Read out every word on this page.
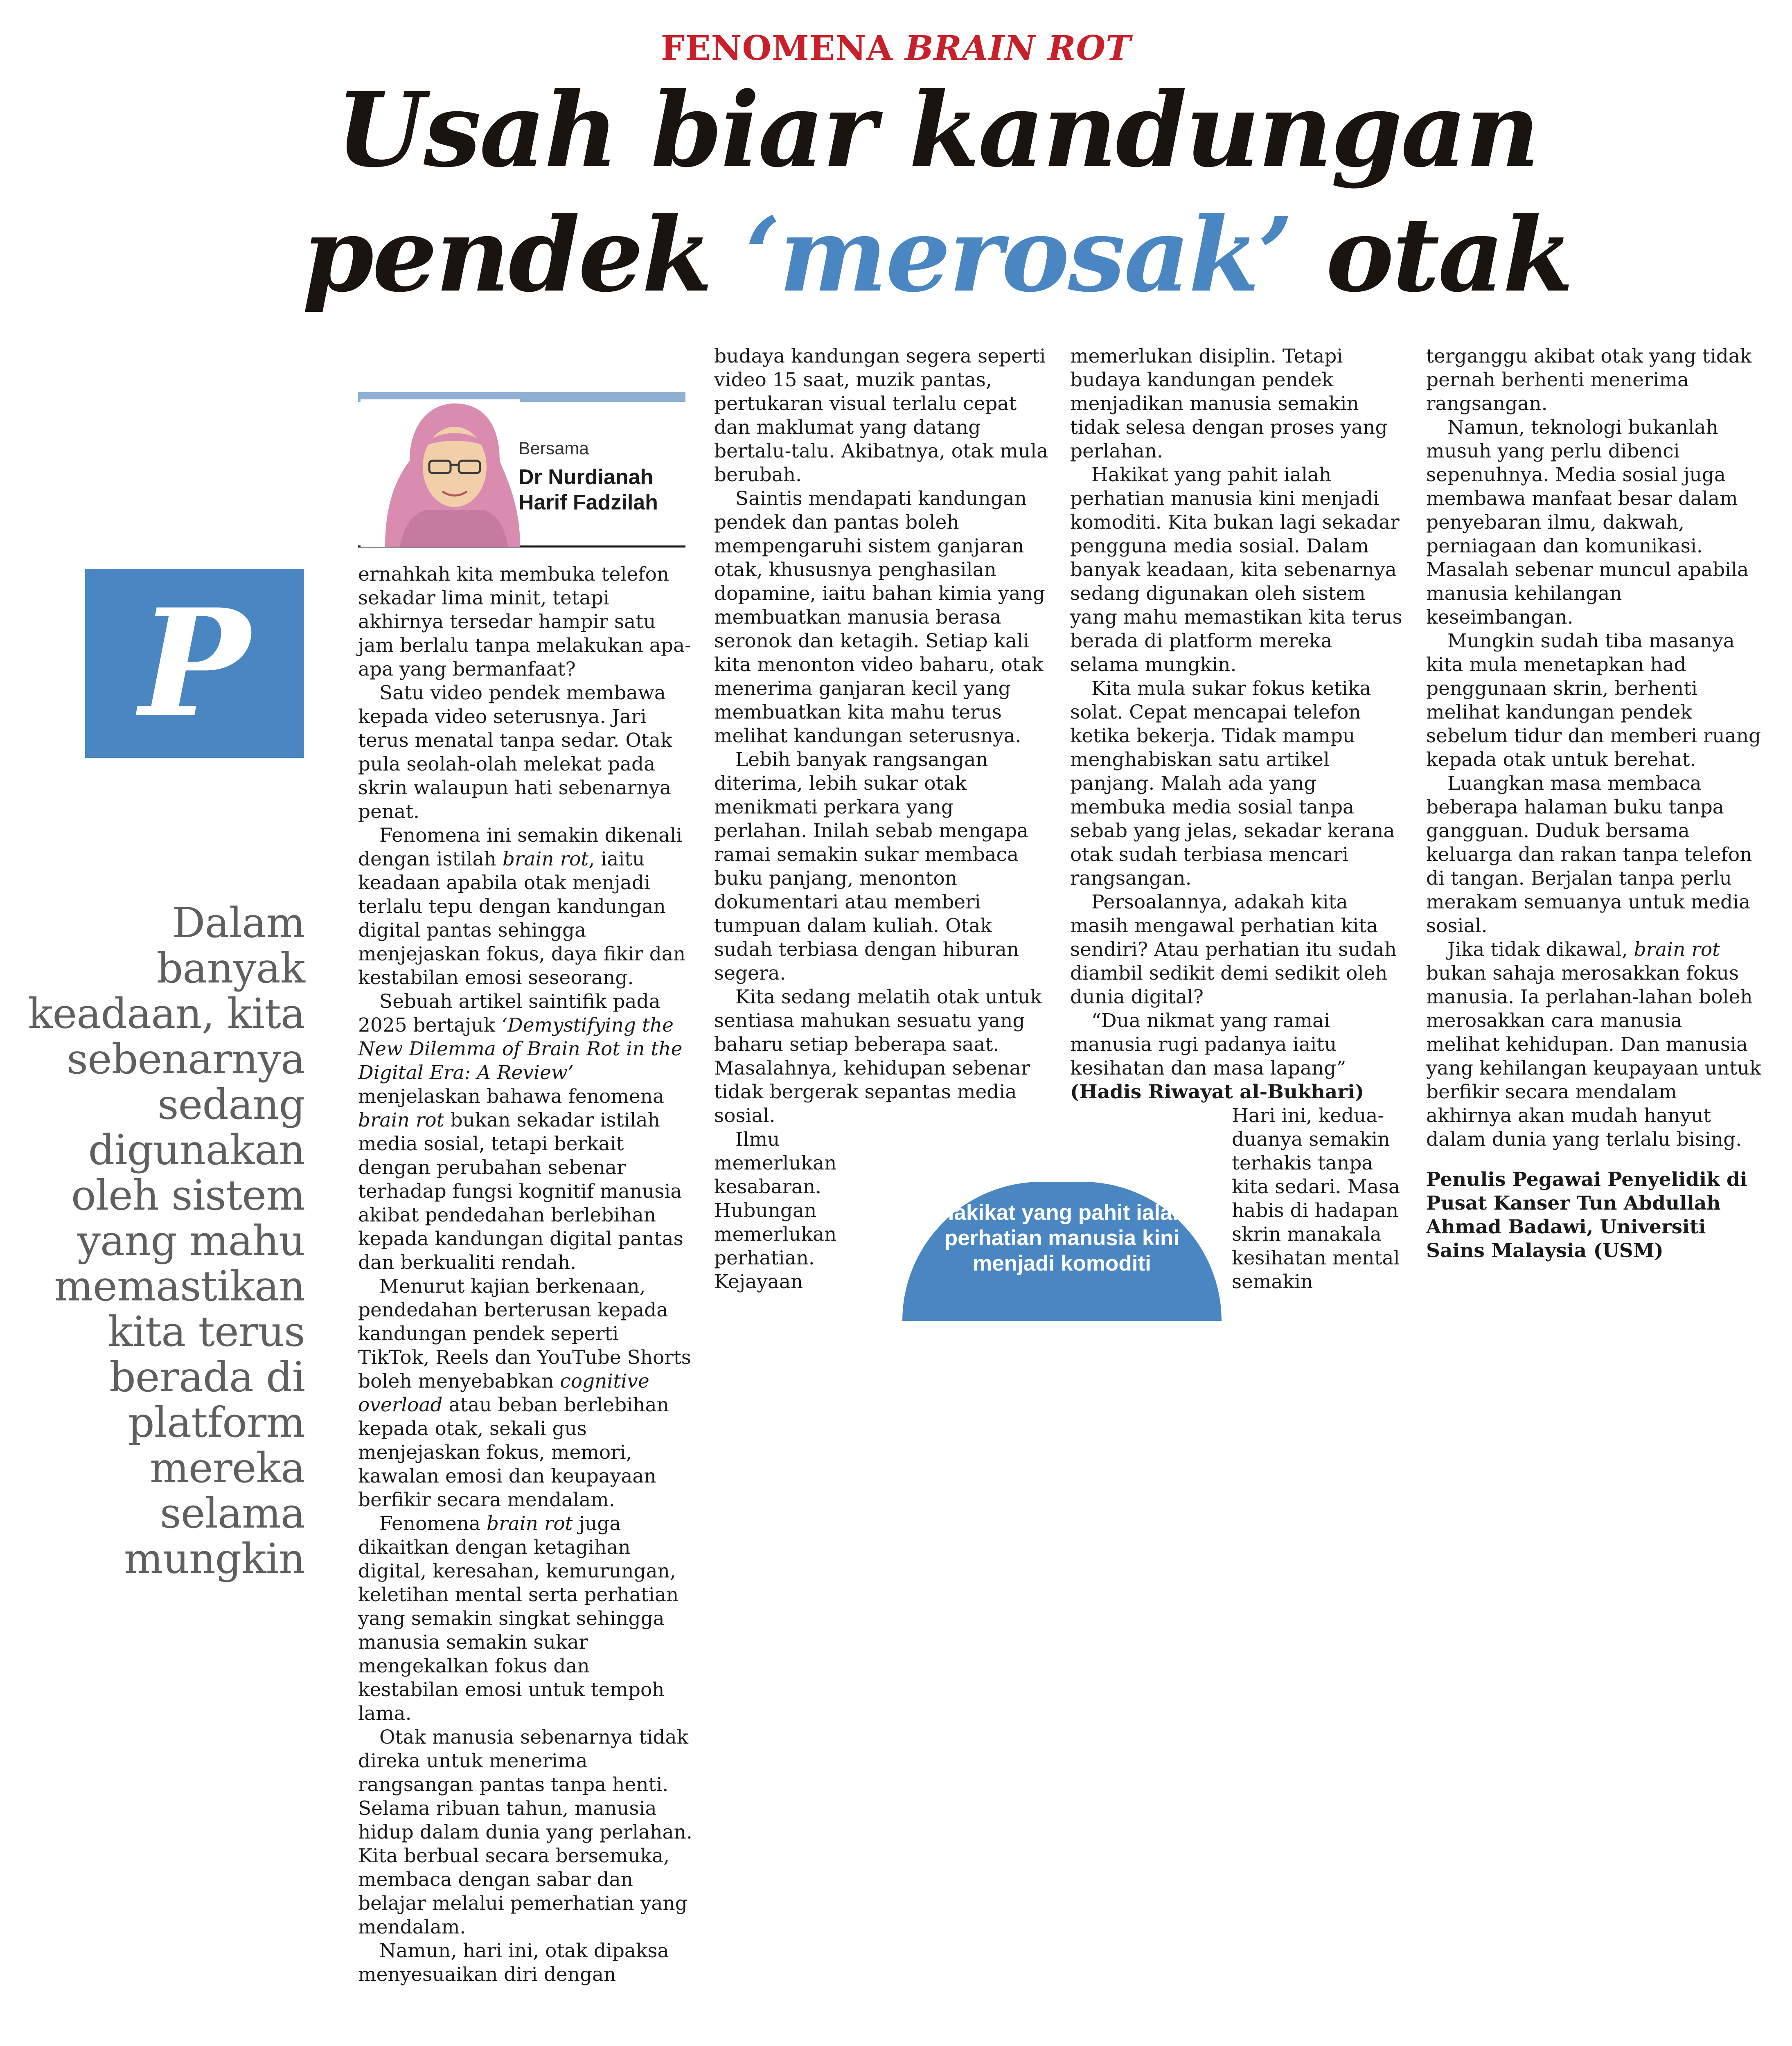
FENOMENA BRAIN ROT

Usah biar kandungan
pendek ‘merosak’ otak

Bersama

Dr Nurdianah
Harif Fadzilah

P

Dalam banyak keadaan, kita sebenarnya sedang digunakan oleh sistem yang mahu memastikan kita terus berada di platform mereka selama mungkin

ernahkah kita membuka telefon sekadar lima minit, tetapi akhirnya tersedar hampir satu jam berlalu tanpa melakukan apa-apa yang bermanfaat?

Satu video pendek membawa kepada video seterusnya. Jari terus menatal tanpa sedar. Otak pula seolah-olah melekat pada skrin walaupun hati sebenarnya penat.

Fenomena ini semakin dikenali dengan istilah brain rot, iaitu keadaan apabila otak menjadi terlalu tepu dengan kandungan digital pantas sehingga menjejaskan fokus, daya fikir dan kestabilan emosi seseorang.

Sebuah artikel saintifik pada 2025 bertajuk ‘Demystifying the New Dilemma of Brain Rot in the Digital Era: A Review’ menjelaskan bahawa fenomena brain rot bukan sekadar istilah media sosial, tetapi berkait dengan perubahan sebenar terhadap fungsi kognitif manusia akibat pendedahan berlebihan kepada kandungan digital pantas dan berkualiti rendah.

Menurut kajian berkenaan, pendedahan berterusan kepada kandungan pendek seperti TikTok, Reels dan YouTube Shorts boleh menyebabkan cognitive overload atau beban berlebihan kepada otak, sekali gus menjejaskan fokus, memori, kawalan emosi dan keupayaan berfikir secara mendalam.

Fenomena brain rot juga dikaitkan dengan ketagihan digital, keresahan, kemurungan, keletihan mental serta perhatian yang semakin singkat sehingga manusia semakin sukar mengekalkan fokus dan kestabilan emosi untuk tempoh lama.

Otak manusia sebenarnya tidak direka untuk menerima rangsangan pantas tanpa henti. Selama ribuan tahun, manusia hidup dalam dunia yang perlahan. Kita berbual secara bersemuka, membaca dengan sabar dan belajar melalui pemerhatian yang mendalam.

Namun, hari ini, otak dipaksa menyesuaikan diri dengan

budaya kandungan segera seperti video 15 saat, muzik pantas, pertukaran visual terlalu cepat dan maklumat yang datang bertalu-talu. Akibatnya, otak mula berubah.

Saintis mendapati kandungan pendek dan pantas boleh mempengaruhi sistem ganjaran otak, khususnya penghasilan dopamine, iaitu bahan kimia yang membuatkan manusia berasa seronok dan ketagih. Setiap kali kita menonton video baharu, otak menerima ganjaran kecil yang membuatkan kita mahu terus melihat kandungan seterusnya.

Lebih banyak rangsangan diterima, lebih sukar otak menikmati perkara yang perlahan. Inilah sebab mengapa ramai semakin sukar membaca buku panjang, menonton dokumentari atau memberi tumpuan dalam kuliah. Otak sudah terbiasa dengan hiburan segera.

Kita sedang melatih otak untuk sentiasa mahukan sesuatu yang baharu setiap beberapa saat. Masalahnya, kehidupan sebenar tidak bergerak sepantas media sosial.

Ilmu memerlukan kesabaran. Hubungan memerlukan perhatian. Kejayaan

memerlukan disiplin. Tetapi budaya kandungan pendek menjadikan manusia semakin tidak selesa dengan proses yang perlahan.

Hakikat yang pahit ialah perhatian manusia kini menjadi komoditi. Kita bukan lagi sekadar pengguna media sosial. Dalam banyak keadaan, kita sebenarnya sedang digunakan oleh sistem yang mahu memastikan kita terus berada di platform mereka selama mungkin.

Kita mula sukar fokus ketika solat. Cepat mencapai telefon ketika bekerja. Tidak mampu menghabiskan satu artikel panjang. Malah ada yang membuka media sosial tanpa sebab yang jelas, sekadar kerana otak sudah terbiasa mencari rangsangan.

Persoalannya, adakah kita masih mengawal perhatian kita sendiri? Atau perhatian itu sudah diambil sedikit demi sedikit oleh dunia digital?

“Dua nikmat yang ramai manusia rugi padanya iaitu kesihatan dan masa lapang”

(Hadis Riwayat al-Bukhari)

Hari ini, kedua-duanya semakin terhakis tanpa kita sedari. Masa habis di hadapan skrin manakala kesihatan mental semakin

Hakikat yang pahit ialah perhatian manusia kini menjadi komoditi

terganggu akibat otak yang tidak pernah berhenti menerima rangsangan.

Namun, teknologi bukanlah musuh yang perlu dibenci sepenuhnya. Media sosial juga membawa manfaat besar dalam penyebaran ilmu, dakwah, perniagaan dan komunikasi. Masalah sebenar muncul apabila manusia kehilangan keseimbangan.

Mungkin sudah tiba masanya kita mula menetapkan had penggunaan skrin, berhenti melihat kandungan pendek sebelum tidur dan memberi ruang kepada otak untuk berehat.

Luangkan masa membaca beberapa halaman buku tanpa gangguan. Duduk bersama keluarga dan rakan tanpa telefon di tangan. Berjalan tanpa perlu merakam semuanya untuk media sosial.

Jika tidak dikawal, brain rot bukan sahaja merosakkan fokus manusia. Ia perlahan-lahan boleh merosakkan cara manusia melihat kehidupan. Dan manusia yang kehilangan keupayaan untuk berfikir secara mendalam akhirnya akan mudah hanyut dalam dunia yang terlalu bising.

Penulis Pegawai Penyelidik di Pusat Kanser Tun Abdullah Ahmad Badawi, Universiti Sains Malaysia (USM)
